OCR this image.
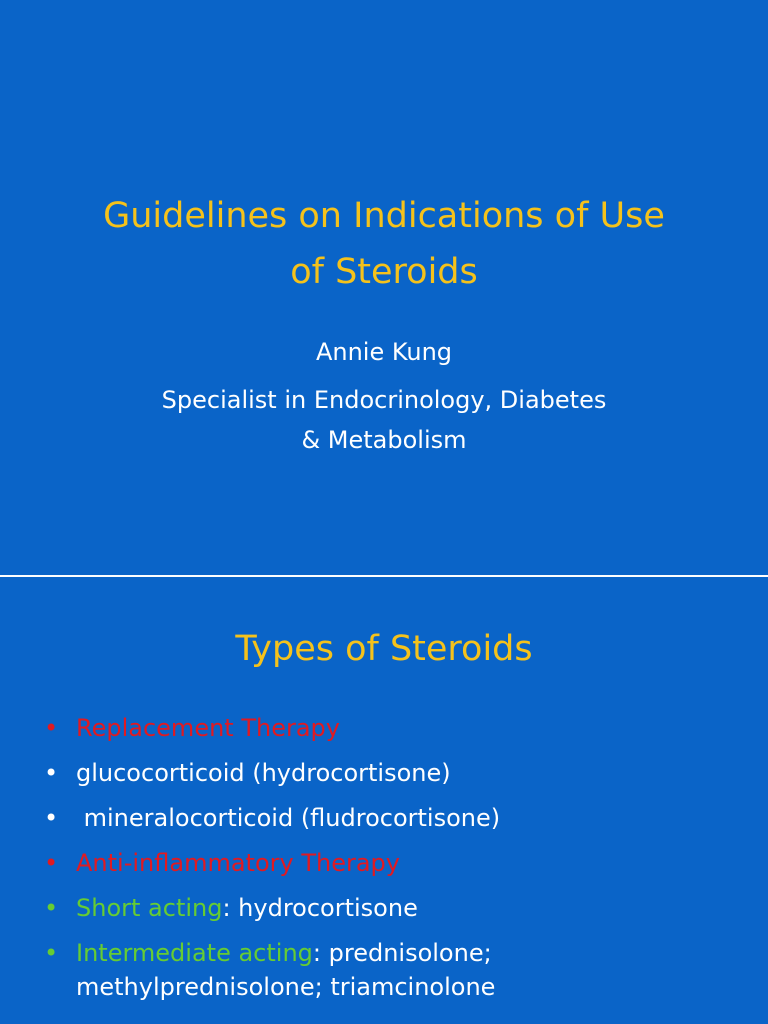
Guidelines on Indications of Use
of Steroids
Annie Kung
Specialist in Endocrinology, Diabetes
& Metabolism
Types of Steroids
• Replacement Therapy
• glucocorticoid (hydrocortisone)
• mineralocorticoid (fludrocortisone)
• Anti-inflammatory Therapy
• Short acting: hydrocortisone
• Intermediate acting: prednisolone; methylprednisolone; triamcinolone
